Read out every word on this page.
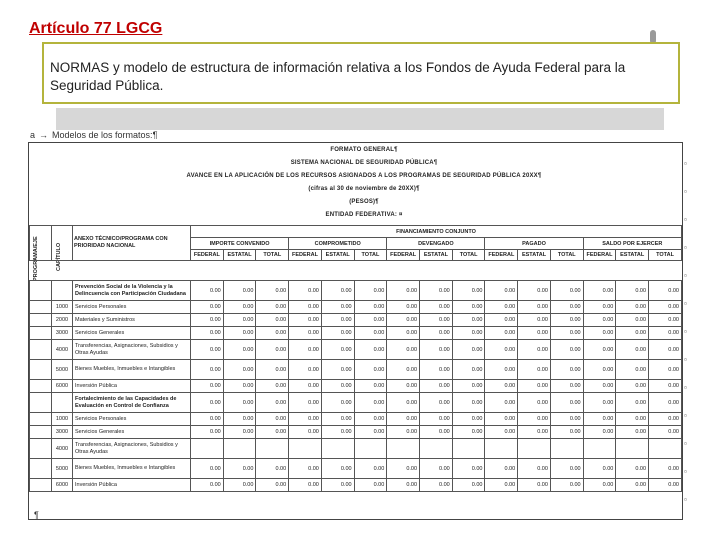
Artículo 77 LGCG
NORMAS y modelo de estructura de información relativa a los Fondos de Ayuda Federal para la Seguridad Pública.
a → Modelos de los formatos:¶
FORMATO GENERAL¶
SISTEMA NACIONAL DE SEGURIDAD PÚBLICA¶
AVANCE EN LA APLICACIÓN DE LOS RECURSOS ASIGNADOS A LOS PROGRAMAS DE SEGURIDAD PÚBLICA 20XX¶
(cifras al 30 de noviembre de 20XX)¶
(PESOS)¶
ENTIDAD FEDERATIVA: ¤
PROGRAMA/EJE	CAPÍTULO
		ANEXO TÉCNICO/PROGRAMA CON PRIORIDAD NACIONAL	FINANCIAMIENTO CONJUNTO														
			IMPORTE CONVENIDO			COMPROMETIDO			DEVENGADO			PAGADO			SALDO POR EJERCER		
			FEDERAL	ESTATAL	TOTAL	FEDERAL	ESTATAL	TOTAL	FEDERAL	ESTATAL	TOTAL	FEDERAL	ESTATAL	TOTAL	FEDERAL	ESTATAL	TOTAL
		Prevención Social de la Violencia y la Delincuencia con Participación Ciudadana	0.00	0.00	0.00	0.00	0.00	0.00	0.00	0.00	0.00	0.00	0.00	0.00	0.00	0.00	0.00
	1000	Servicios Personales	0.00	0.00	0.00	0.00	0.00	0.00	0.00	0.00	0.00	0.00	0.00	0.00	0.00	0.00	0.00
	2000	Materiales y Suministros	0.00	0.00	0.00	0.00	0.00	0.00	0.00	0.00	0.00	0.00	0.00	0.00	0.00	0.00	0.00
	3000	Servicios Generales	0.00	0.00	0.00	0.00	0.00	0.00	0.00	0.00	0.00	0.00	0.00	0.00	0.00	0.00	0.00
	4000	Transferencias, Asignaciones, Subsidios y Otras Ayudas	0.00	0.00	0.00	0.00	0.00	0.00	0.00	0.00	0.00	0.00	0.00	0.00	0.00	0.00	0.00
	5000	Bienes Muebles, Inmuebles e Intangibles	0.00	0.00	0.00	0.00	0.00	0.00	0.00	0.00	0.00	0.00	0.00	0.00	0.00	0.00	0.00
	6000	Inversión Pública	0.00	0.00	0.00	0.00	0.00	0.00	0.00	0.00	0.00	0.00	0.00	0.00	0.00	0.00	0.00
		Fortalecimiento de las Capacidades de Evaluación en Control de Confianza	0.00	0.00	0.00	0.00	0.00	0.00	0.00	0.00	0.00	0.00	0.00	0.00	0.00	0.00	0.00
	1000	Servicios Personales	0.00	0.00	0.00	0.00	0.00	0.00	0.00	0.00	0.00	0.00	0.00	0.00	0.00	0.00	0.00
	3000	Servicios Generales	0.00	0.00	0.00	0.00	0.00	0.00	0.00	0.00	0.00	0.00	0.00	0.00	0.00	0.00	0.00
	4000	Transferencias, Asignaciones, Subsidios y Otras Ayudas															
	5000	Bienes Muebles, Inmuebles e Intangibles	0.00	0.00	0.00	0.00	0.00	0.00	0.00	0.00	0.00	0.00	0.00	0.00	0.00	0.00	0.00
	6000	Inversión Pública	0.00	0.00	0.00	0.00	0.00	0.00	0.00	0.00	0.00	0.00	0.00	0.00	0.00	0.00	0.00
¶
▫
▫
▫
▫
▫
▫
▫
▫
▫
▫
▫
▫
▫
